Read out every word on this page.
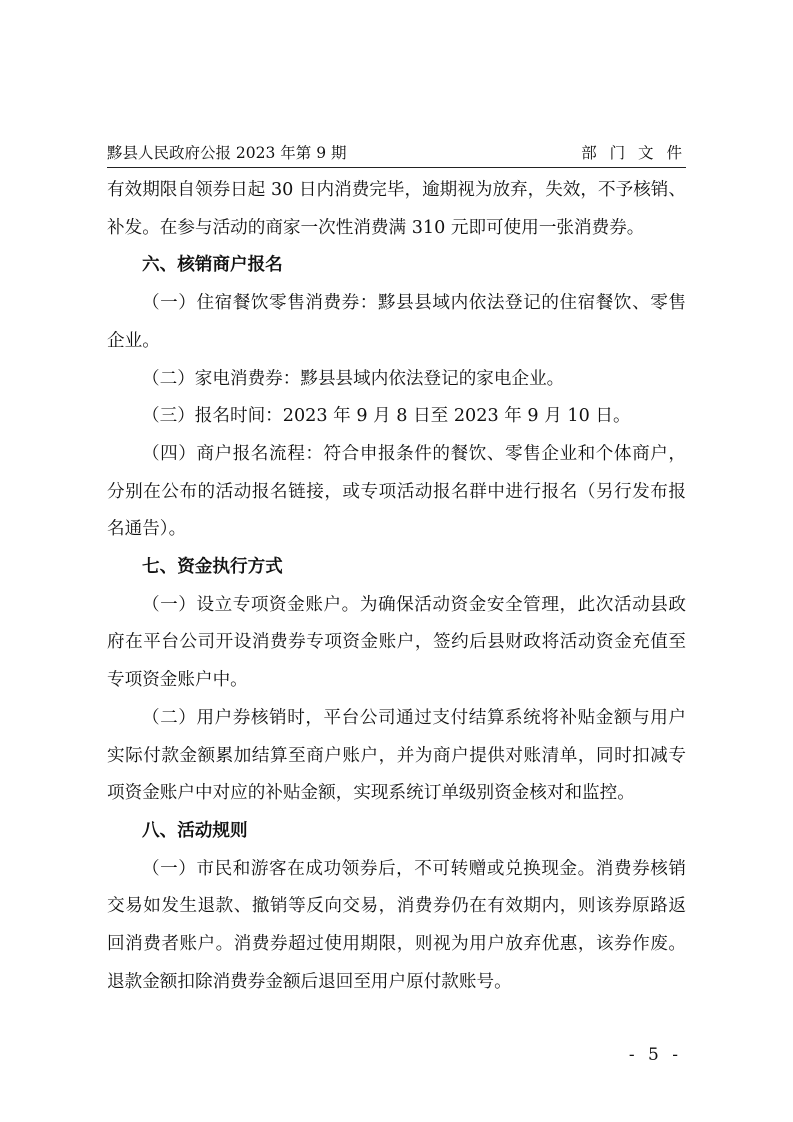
黟县人民政府公报 2023 年第 9 期	部 门 文 件

有效期限自领券日起 30 日内消费完毕，逾期视为放弃，失效，不予核销、补发。在参与活动的商家一次性消费满 310 元即可使用一张消费券。

六、核销商户报名

（一）住宿餐饮零售消费券：黟县县域内依法登记的住宿餐饮、零售企业。

（二）家电消费券：黟县县域内依法登记的家电企业。

（三）报名时间：2023 年 9 月 8 日至 2023 年 9 月 10 日。

（四）商户报名流程：符合申报条件的餐饮、零售企业和个体商户，分别在公布的活动报名链接，或专项活动报名群中进行报名（另行发布报名通告）。

七、资金执行方式

（一）设立专项资金账户。为确保活动资金安全管理，此次活动县政府在平台公司开设消费券专项资金账户，签约后县财政将活动资金充值至专项资金账户中。

（二）用户券核销时，平台公司通过支付结算系统将补贴金额与用户实际付款金额累加结算至商户账户，并为商户提供对账清单，同时扣减专项资金账户中对应的补贴金额，实现系统订单级别资金核对和监控。

八、活动规则

（一）市民和游客在成功领券后，不可转赠或兑换现金。消费券核销交易如发生退款、撤销等反向交易，消费券仍在有效期内，则该券原路返回消费者账户。消费券超过使用期限，则视为用户放弃优惠，该券作废。退款金额扣除消费券金额后退回至用户原付款账号。

- 5 -
